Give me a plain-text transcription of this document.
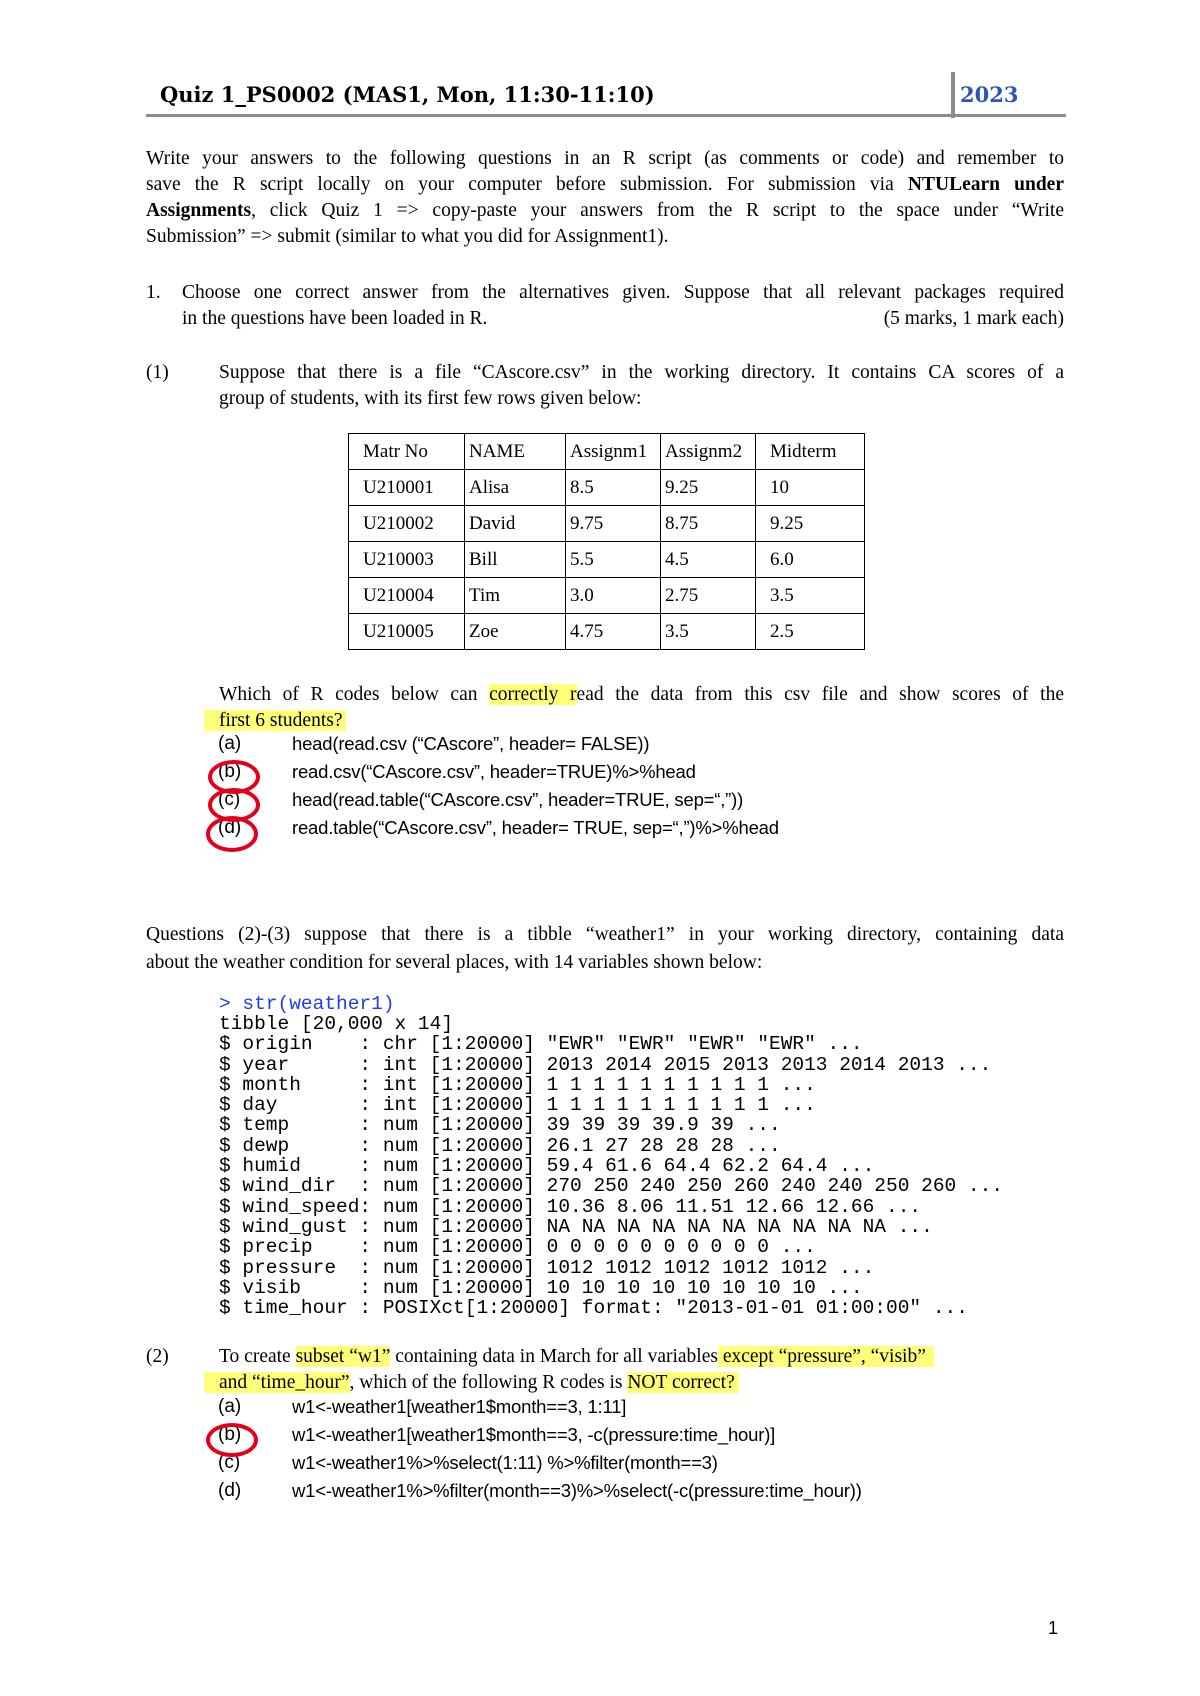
Quiz 1_PS0002 (MAS1, Mon, 11:30-11:10)	2023
Write your answers to the following questions in an R script (as comments or code) and remember to
save the R script locally on your computer before submission. For submission via NTULearn under
Assignments, click Quiz 1 => copy-paste your answers from the R script to the space under “Write
Submission” => submit (similar to what you did for Assignment1).
1. Choose one correct answer from the alternatives given. Suppose that all relevant packages required
in the questions have been loaded in R.	(5 marks, 1 mark each)
(1)	Suppose that there is a file “CAscore.csv” in the working directory. It contains CA scores of a
group of students, with its first few rows given below:
Matr No	NAME	Assignm1	Assignm2	Midterm
U210001	Alisa	8.5	9.25	10
U210002	David	9.75	8.75	9.25
U210003	Bill	5.5	4.5	6.0
U210004	Tim	3.0	2.75	3.5
U210005	Zoe	4.75	3.5	2.5
Which of R codes below can correctly read the data from this csv file and show scores of the
first 6 students?
(a)	head(read.csv (“CAscore”, header= FALSE))
(b)	read.csv(“CAscore.csv”, header=TRUE)%>%head
(c)	head(read.table(“CAscore.csv”, header=TRUE, sep=“,”))
(d)	read.table(“CAscore.csv”, header= TRUE, sep=“,”)%>%head
Questions (2)-(3) suppose that there is a tibble “weather1” in your working directory, containing data
about the weather condition for several places, with 14 variables shown below:
> str(weather1)
tibble [20,000 x 14]
$ origin    : chr [1:20000] "EWR" "EWR" "EWR" "EWR" ...
$ year      : int [1:20000] 2013 2014 2015 2013 2013 2014 2013 ...
$ month     : int [1:20000] 1 1 1 1 1 1 1 1 1 1 ...
$ day       : int [1:20000] 1 1 1 1 1 1 1 1 1 1 ...
$ temp      : num [1:20000] 39 39 39 39.9 39 ...
$ dewp      : num [1:20000] 26.1 27 28 28 28 ...
$ humid     : num [1:20000] 59.4 61.6 64.4 62.2 64.4 ...
$ wind_dir  : num [1:20000] 270 250 240 250 260 240 240 250 260 ...
$ wind_speed: num [1:20000] 10.36 8.06 11.51 12.66 12.66 ...
$ wind_gust : num [1:20000] NA NA NA NA NA NA NA NA NA NA ...
$ precip    : num [1:20000] 0 0 0 0 0 0 0 0 0 0 ...
$ pressure  : num [1:20000] 1012 1012 1012 1012 1012 ...
$ visib     : num [1:20000] 10 10 10 10 10 10 10 10 ...
$ time_hour : POSIXct[1:20000] format: "2013-01-01 01:00:00" ...
(2)	To create subset “w1” containing data in March for all variables except “pressure”, “visib”
and “time_hour”, which of the following R codes is NOT correct?
(a)	w1<-weather1[weather1$month==3, 1:11]
(b)	w1<-weather1[weather1$month==3, -c(pressure:time_hour)]
(c)	w1<-weather1%>%select(1:11) %>%filter(month==3)
(d)	w1<-weather1%>%filter(month==3)%>%select(-c(pressure:time_hour))
1
